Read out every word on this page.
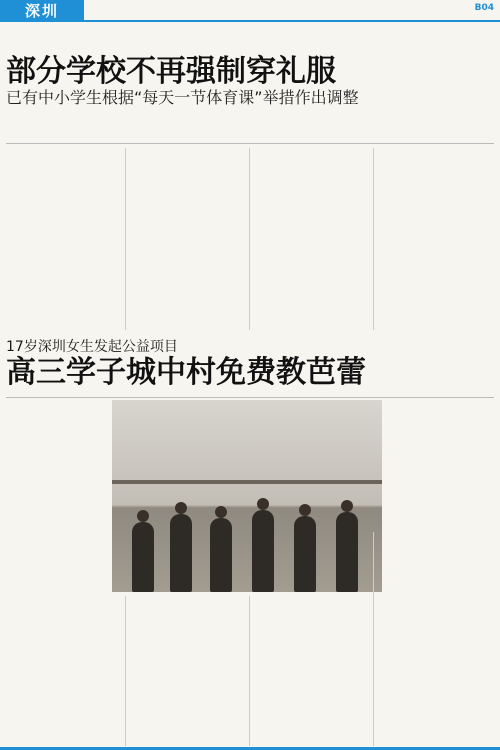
深圳	B04
部分学校不再强制穿礼服
已有中小学生根据“每天一节体育课”举措作出调整

17岁深圳女生发起公益项目
高三学子城中村免费教芭蕾
